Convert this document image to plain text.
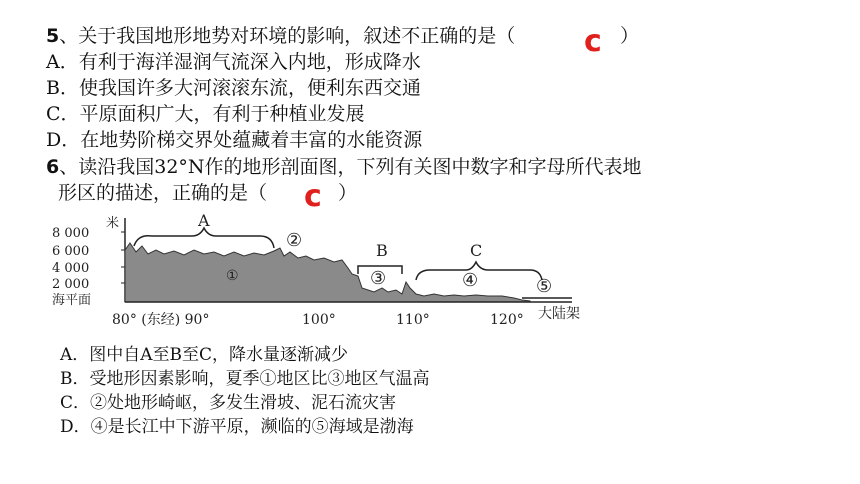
5、关于我国地形地势对环境的影响，叙述不正确的是（	）
c
A．有利于海洋湿润气流深入内地，形成降水
B．使我国许多大河滚滚东流，便利东西交通
C．平原面积广大，有利于种植业发展
D．在地势阶梯交界处蕴藏着丰富的水能资源
6、读沿我国32°N作的地形剖面图，下列有关图中数字和字母所代表地
形区的描述，正确的是（ c ）
米
8 000
6 000
4 000
2 000
海平面
A
B	C
①
②
③	④	⑤
80° (东经) 90°	100°	110°	120° 大陆架
A．图中自A至B至C，降水量逐渐减少
B．受地形因素影响，夏季①地区比③地区气温高
C．②处地形崎岖，多发生滑坡、泥石流灾害
D．④是长江中下游平原，濒临的⑤海域是渤海
